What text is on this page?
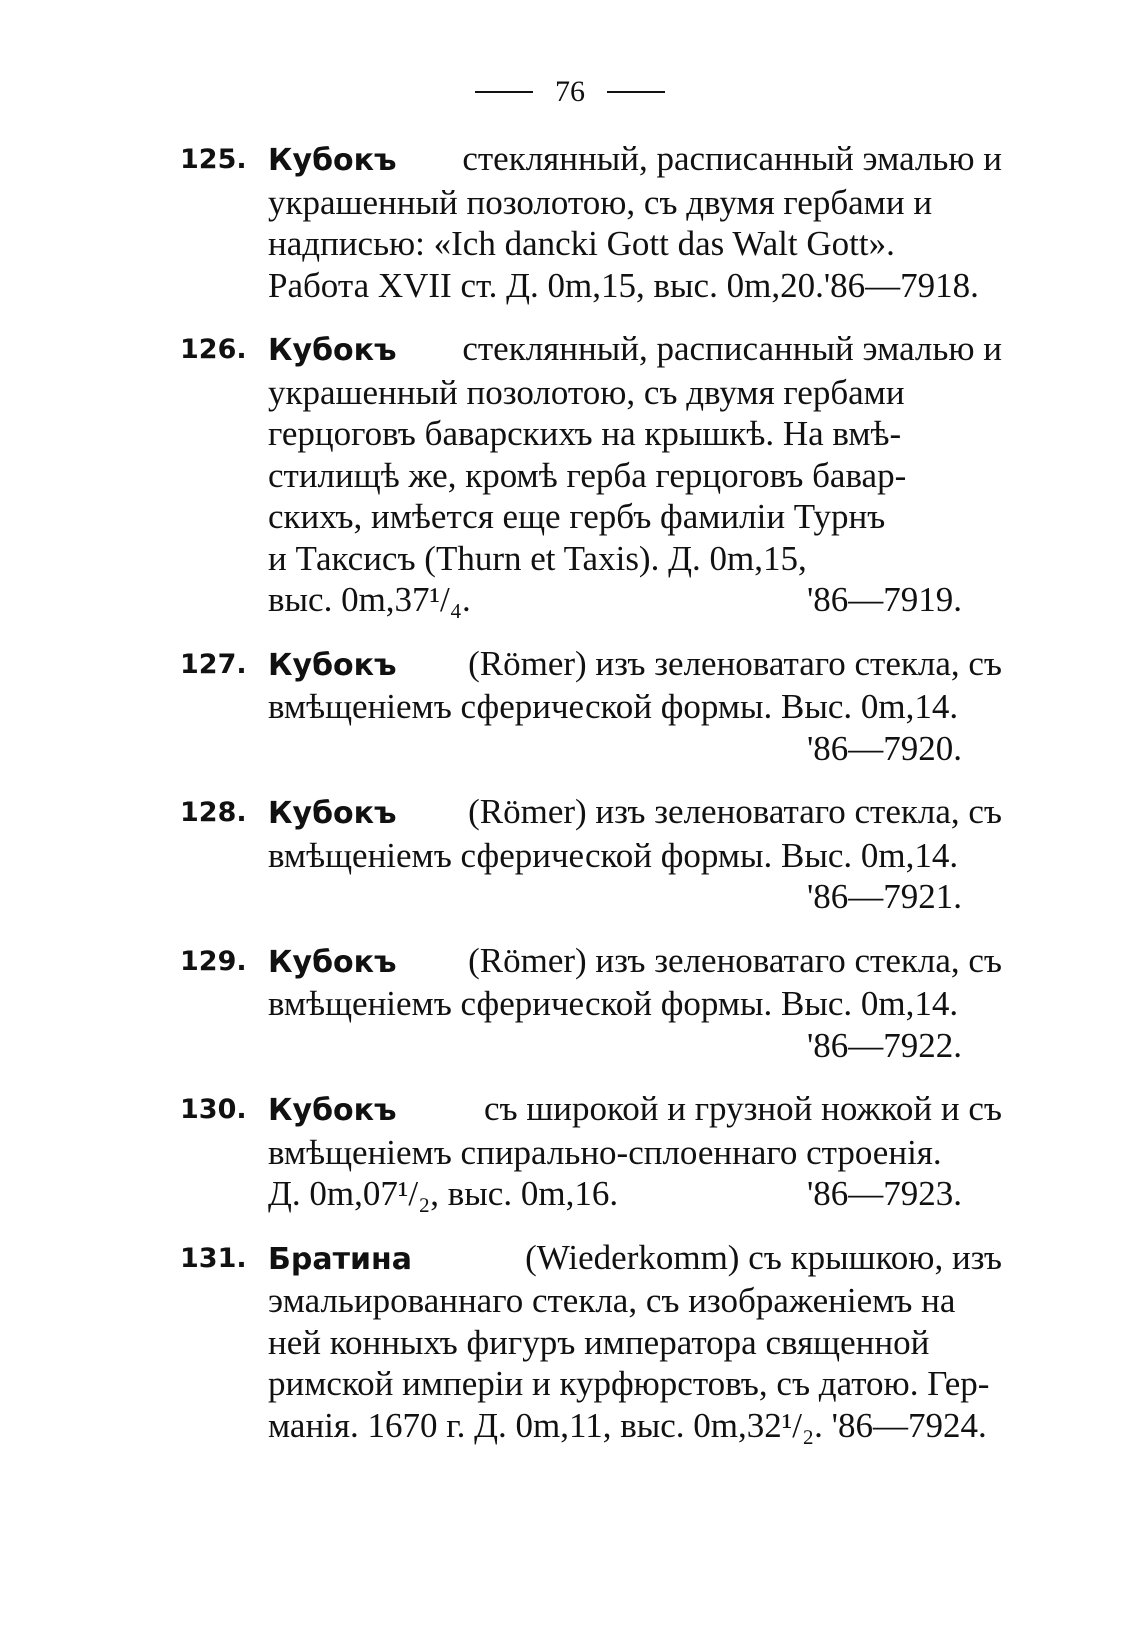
76
125. Кубокъ стеклянный, расписанный эмалью и
украшенный позолотою, съ двумя гербами и
надписью: «Ich dancki Gott das Walt Gott».
Работа XVII ст. Д. 0m,15, выс. 0m,20. '86—7918.
126. Кубокъ стеклянный, расписанный эмалью и
украшенный позолотою, съ двумя гербами
герцоговъ баварскихъ на крышкѣ. На вмѣ-
стилищѣ же, кромѣ герба герцоговъ бавар-
скихъ, имѣется еще гербъ фамиліи Турнъ
и Таксисъ (Thurn et Taxis). Д. 0m,15,
выс. 0m,37¹/₄.	'86—7919.
127. Кубокъ (Römer) изъ зеленоватаго стекла, съ
вмѣщеніемъ сферической формы. Выс. 0m,14.
'86—7920.
128. Кубокъ (Römer) изъ зеленоватаго стекла, съ
вмѣщеніемъ сферической формы. Выс. 0m,14.
'86—7921.
129. Кубокъ (Römer) изъ зеленоватаго стекла, съ
вмѣщеніемъ сферической формы. Выс. 0m,14.
'86—7922.
130. Кубокъ съ широкой и грузной ножкой и съ
вмѣщеніемъ спирально-сплоеннаго строенія.
Д. 0m,07¹/₂, выс. 0m,16.	'86—7923.
131. Братина	(Wiederkomm) съ крышкою, изъ
эмальированнаго стекла, съ изображеніемъ на
ней конныхъ фигуръ императора священной
римской имперіи и курфюрстовъ, съ датою. Гер-
манія. 1670 г. Д. 0m,11, выс. 0m,32¹/₂. '86—7924.
